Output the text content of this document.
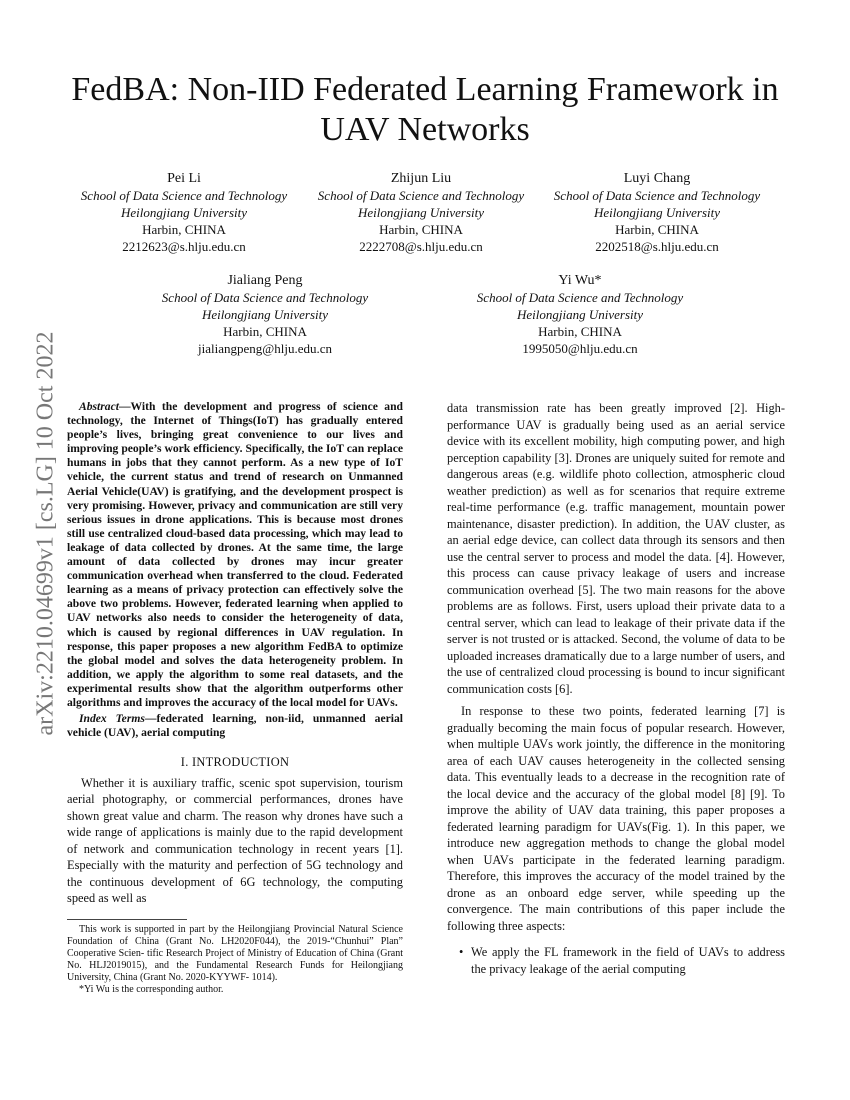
arXiv:2210.04699v1 [cs.LG] 10 Oct 2022
FedBA: Non-IID Federated Learning Framework in UAV Networks
Pei Li
School of Data Science and Technology
Heilongjiang University
Harbin, CHINA
2212623@s.hlju.edu.cn
Zhijun Liu
School of Data Science and Technology
Heilongjiang University
Harbin, CHINA
2222708@s.hlju.edu.cn
Luyi Chang
School of Data Science and Technology
Heilongjiang University
Harbin, CHINA
2202518@s.hlju.edu.cn
Jialiang Peng
School of Data Science and Technology
Heilongjiang University
Harbin, CHINA
jialiangpeng@hlju.edu.cn
Yi Wu*
School of Data Science and Technology
Heilongjiang University
Harbin, CHINA
1995050@hlju.edu.cn

Abstract—With the development and progress of science and technology, the Internet of Things(IoT) has gradually entered people’s lives, bringing great convenience to our lives and improving people’s work efficiency. Specifically, the IoT can replace humans in jobs that they cannot perform. As a new type of IoT vehicle, the current status and trend of research on Unmanned Aerial Vehicle(UAV) is gratifying, and the development prospect is very promising. However, privacy and communication are still very serious issues in drone applications. This is because most drones still use centralized cloud-based data processing, which may lead to leakage of data collected by drones. At the same time, the large amount of data collected by drones may incur greater communication overhead when transferred to the cloud. Federated learning as a means of privacy protection can effectively solve the above two problems. However, federated learning when applied to UAV networks also needs to consider the heterogeneity of data, which is caused by regional differences in UAV regulation. In response, this paper proposes a new algorithm FedBA to optimize the global model and solves the data heterogeneity problem. In addition, we apply the algorithm to some real datasets, and the experimental results show that the algorithm outperforms other algorithms and improves the accuracy of the local model for UAVs.

Index Terms—federated learning, non-iid, unmanned aerial vehicle (UAV), aerial computing

I. INTRODUCTION

Whether it is auxiliary traffic, scenic spot supervision, tourism aerial photography, or commercial performances, drones have shown great value and charm. The reason why drones have such a wide range of applications is mainly due to the rapid development of network and communication technology in recent years [1]. Especially with the maturity and perfection of 5G technology and the continuous development of 6G technology, the computing speed as well as

This work is supported in part by the Heilongjiang Provincial Natural Science Foundation of China (Grant No. LH2020F044), the 2019-“Chunhui” Plan” Cooperative Scien- tific Research Project of Ministry of Education of China (Grant No. HLJ2019015), and the Fundamental Research Funds for Heilongjiang University, China (Grant No. 2020-KYYWF- 1014).

*Yi Wu is the corresponding author.

data transmission rate has been greatly improved [2]. High-performance UAV is gradually being used as an aerial service device with its excellent mobility, high computing power, and high perception capability [3]. Drones are uniquely suited for remote and dangerous areas (e.g. wildlife photo collection, atmospheric cloud weather prediction) as well as for scenarios that require extreme real-time performance (e.g. traffic management, mountain power maintenance, disaster prediction). In addition, the UAV cluster, as an aerial edge device, can collect data through its sensors and then use the central server to process and model the data. [4]. However, this process can cause privacy leakage of users and increase communication overhead [5]. The two main reasons for the above problems are as follows. First, users upload their private data to a central server, which can lead to leakage of their private data if the server is not trusted or is attacked. Second, the volume of data to be uploaded increases dramatically due to a large number of users, and the use of centralized cloud processing is bound to incur significant communication costs [6].

In response to these two points, federated learning [7] is gradually becoming the main focus of popular research. However, when multiple UAVs work jointly, the difference in the monitoring area of each UAV causes heterogeneity in the collected sensing data. This eventually leads to a decrease in the recognition rate of the local device and the accuracy of the global model [8] [9]. To improve the ability of UAV data training, this paper proposes a federated learning paradigm for UAVs(Fig. 1). In this paper, we introduce new aggregation methods to change the global model when UAVs participate in the federated learning paradigm. Therefore, this improves the accuracy of the model trained by the drone as an onboard edge server, while speeding up the convergence. The main contributions of this paper include the following three aspects:

• We apply the FL framework in the field of UAVs to address the privacy leakage of the aerial computing
